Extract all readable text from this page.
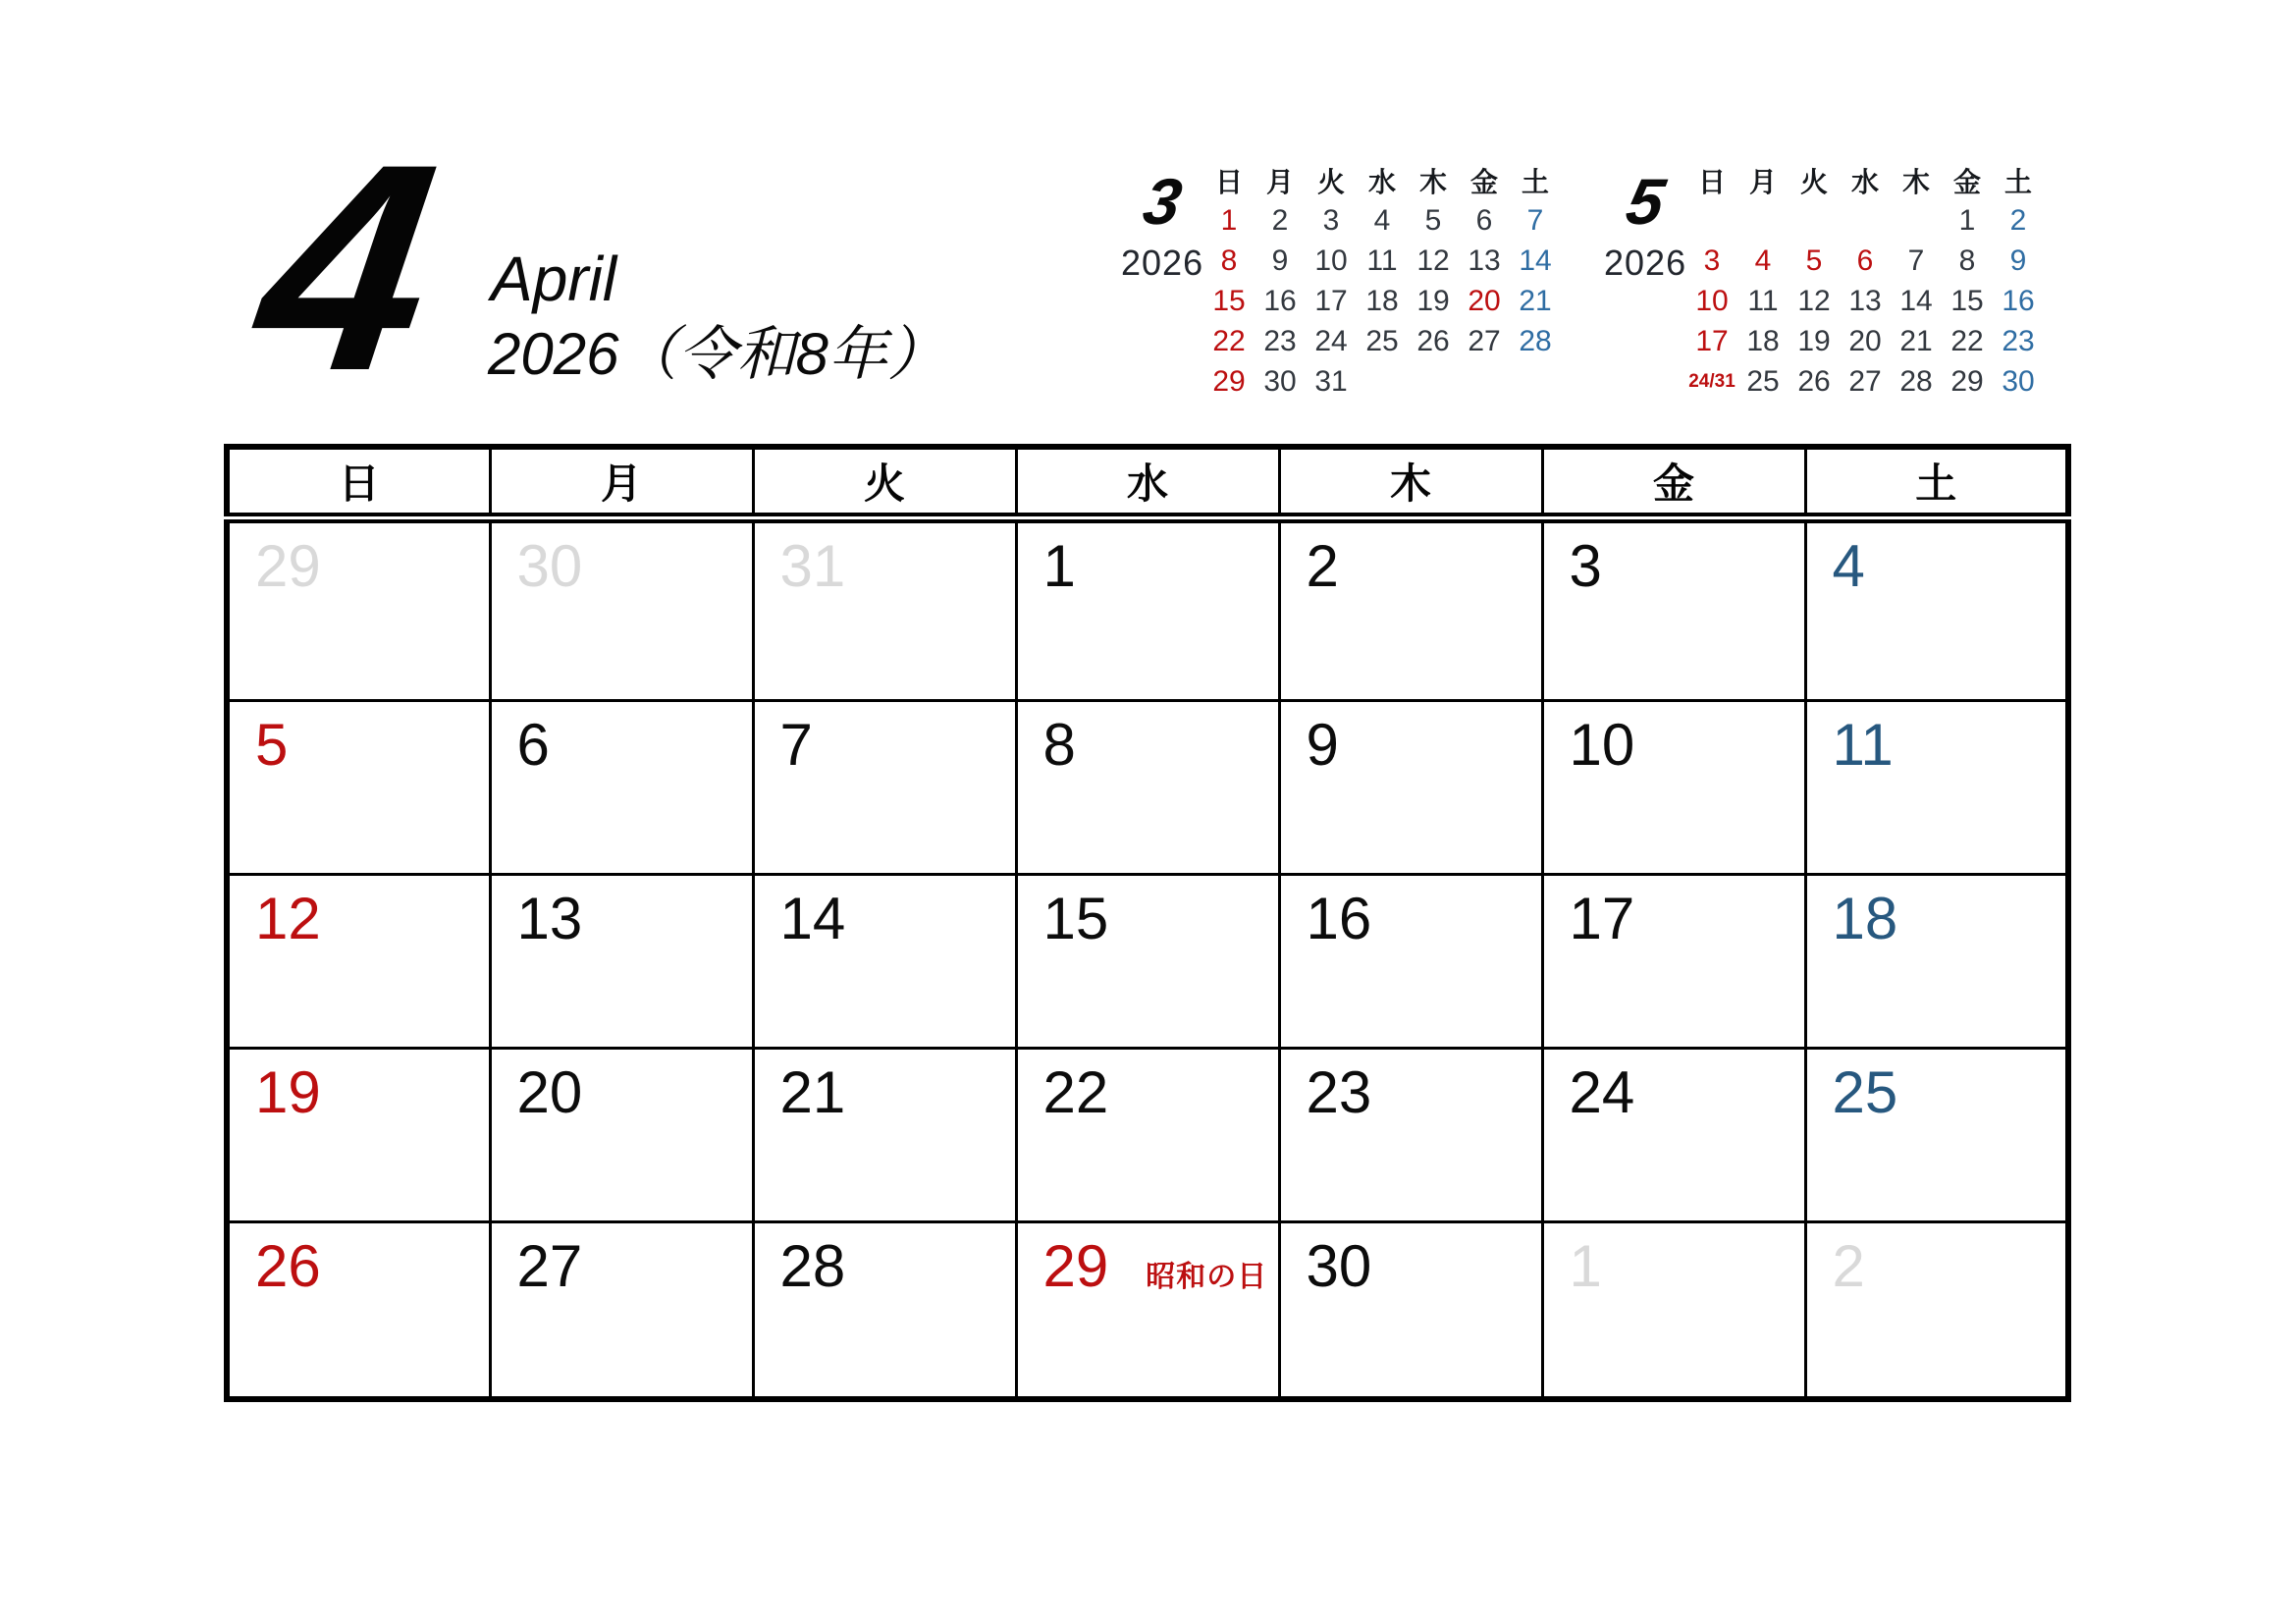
4 April
2026（令和8年）
3
2026
日	月	火	水	木	金	土
1	2	3	4	5	6	7
8	9	10	11	12	13	14
15	16	17	18	19	20	21
22	23	24	25	26	27	28
29	30	31				
5
2026
日	月	火	水	木	金	土
					1	2
3	4	5	6	7	8	9
10	11	12	13	14	15	16
17	18	19	20	21	22	23
24/31	25	26	27	28	29	30
日	月	火	水	木	金	土

29	30	31	1	2	3	4

5	6	7	8	9	10	11

12	13	14	15	16	17	18

19	20	21	22	23	24	25

26	27	28	29 昭和の日	30	1	2
